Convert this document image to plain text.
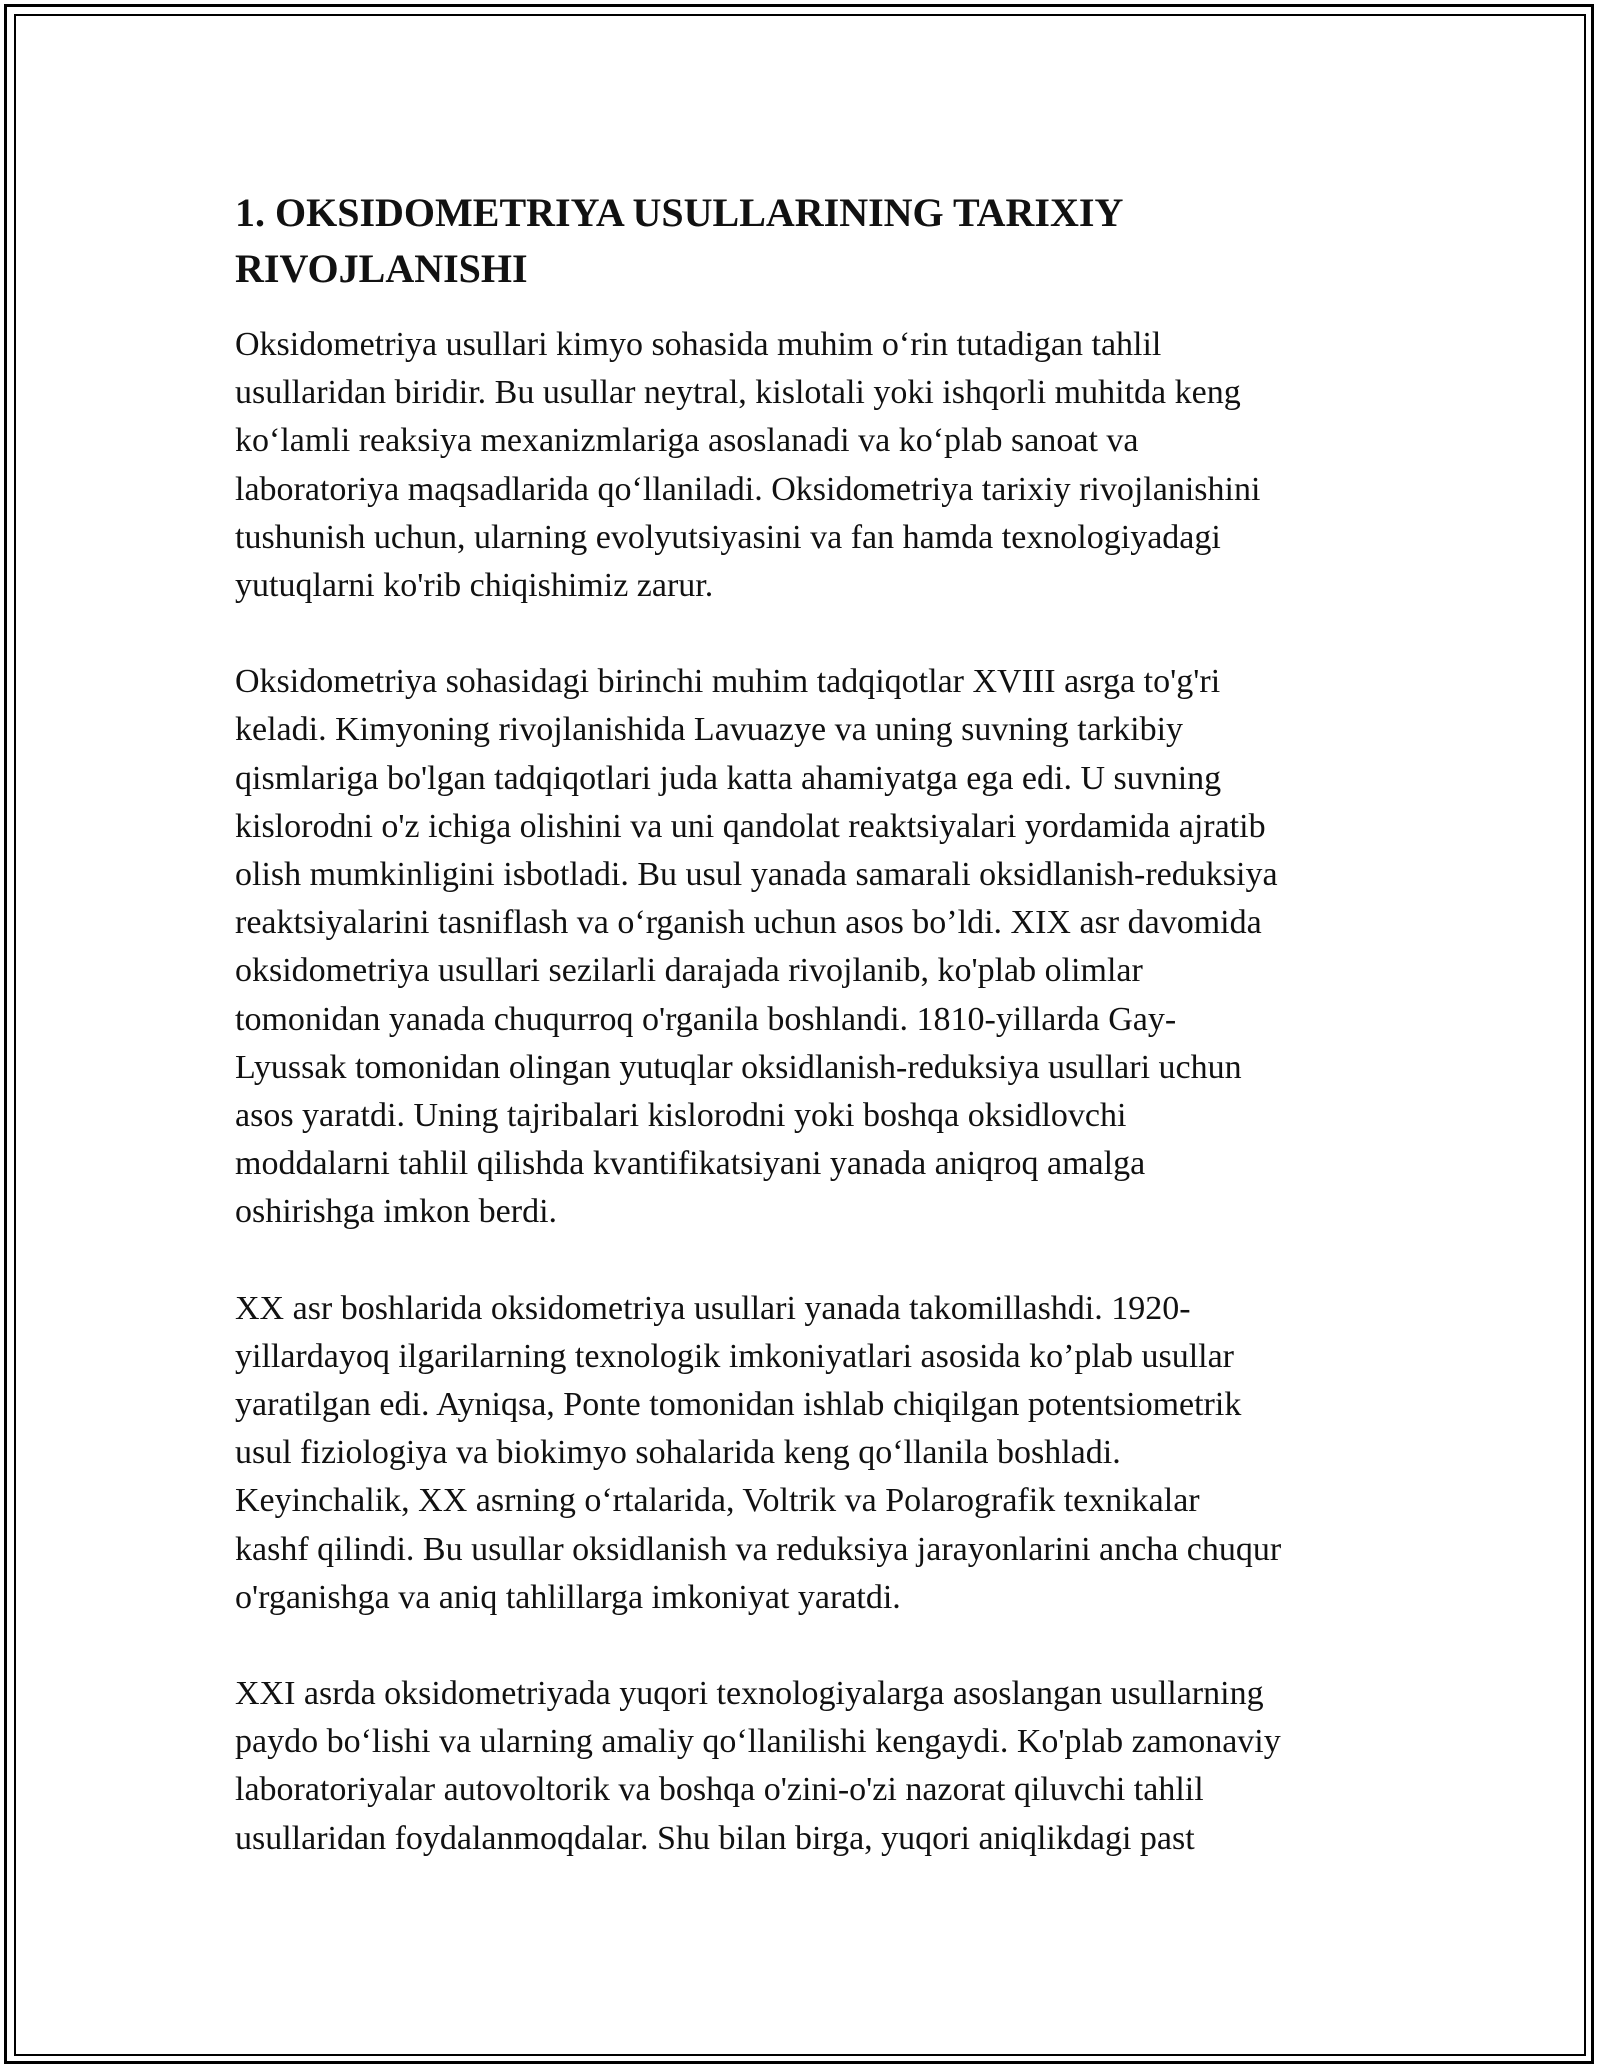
1. OKSIDOMETRIYA USULLARINING TARIXIY
RIVOJLANISHI
Oksidometriya usullari kimyo sohasida muhim o‘rin tutadigan tahlil
usullaridan biridir. Bu usullar neytral, kislotali yoki ishqorli muhitda keng
ko‘lamli reaksiya mexanizmlariga asoslanadi va ko‘plab sanoat va
laboratoriya maqsadlarida qo‘llaniladi. Oksidometriya tarixiy rivojlanishini
tushunish uchun, ularning evolyutsiyasini va fan hamda texnologiyadagi
yutuqlarni ko'rib chiqishimiz zarur.
Oksidometriya sohasidagi birinchi muhim tadqiqotlar XVIII asrga to'g'ri
keladi. Kimyoning rivojlanishida Lavuazye va uning suvning tarkibiy
qismlariga bo'lgan tadqiqotlari juda katta ahamiyatga ega edi. U suvning
kislorodni o'z ichiga olishini va uni qandolat reaktsiyalari yordamida ajratib
olish mumkinligini isbotladi. Bu usul yanada samarali oksidlanish-reduksiya
reaktsiyalarini tasniflash va o‘rganish uchun asos bo’ldi. XIX asr davomida
oksidometriya usullari sezilarli darajada rivojlanib, ko'plab olimlar
tomonidan yanada chuqurroq o'rganila boshlandi. 1810-yillarda Gay-
Lyussak tomonidan olingan yutuqlar oksidlanish-reduksiya usullari uchun
asos yaratdi. Uning tajribalari kislorodni yoki boshqa oksidlovchi
moddalarni tahlil qilishda kvantifikatsiyani yanada aniqroq amalga
oshirishga imkon berdi.
XX asr boshlarida oksidometriya usullari yanada takomillashdi. 1920-
yillardayoq ilgarilarning texnologik imkoniyatlari asosida ko’plab usullar
yaratilgan edi. Ayniqsa, Ponte tomonidan ishlab chiqilgan potentsiometrik
usul fiziologiya va biokimyo sohalarida keng qo‘llanila boshladi.
Keyinchalik, XX asrning o‘rtalarida, Voltrik va Polarografik texnikalar
kashf qilindi. Bu usullar oksidlanish va reduksiya jarayonlarini ancha chuqur
o'rganishga va aniq tahlillarga imkoniyat yaratdi.
XXI asrda oksidometriyada yuqori texnologiyalarga asoslangan usullarning
paydo bo‘lishi va ularning amaliy qo‘llanilishi kengaydi. Ko'plab zamonaviy
laboratoriyalar autovoltorik va boshqa o'zini-o'zi nazorat qiluvchi tahlil
usullaridan foydalanmoqdalar. Shu bilan birga, yuqori aniqlikdagi past
